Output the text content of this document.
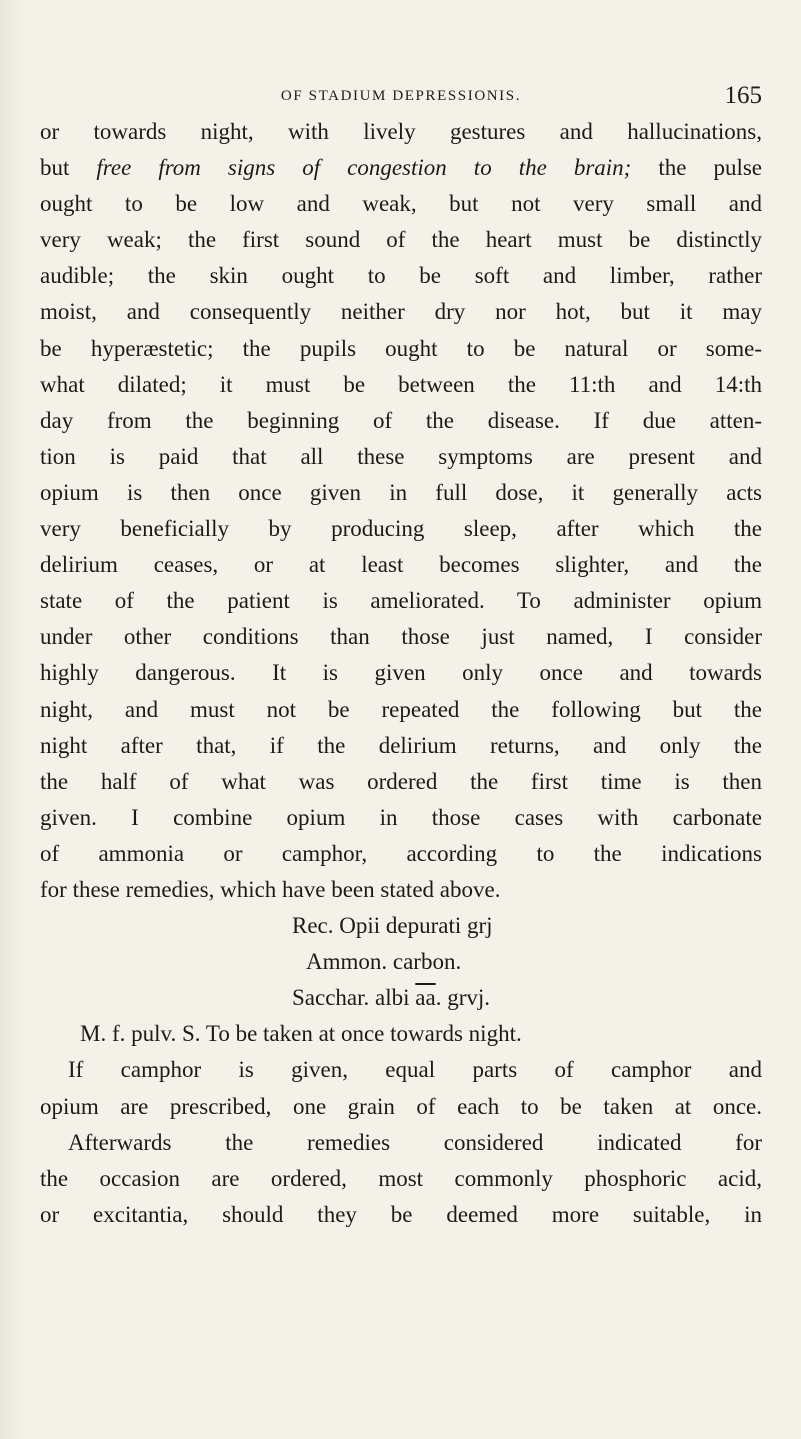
OF STADIUM DEPRESSIONIS.	165
or towards night, with lively gestures and hallucinations,
but free from signs of congestion to the brain; the pulse
ought to be low and weak, but not very small and
very weak; the first sound of the heart must be distinctly
audible; the skin ought to be soft and limber, rather
moist, and consequently neither dry nor hot, but it may
be hyperæstetic; the pupils ought to be natural or some-
what dilated; it must be between the 11:th and 14:th
day from the beginning of the disease. If due atten-
tion is paid that all these symptoms are present and
opium is then once given in full dose, it generally acts
very beneficially by producing sleep, after which the
delirium ceases, or at least becomes slighter, and the
state of the patient is ameliorated. To administer opium
under other conditions than those just named, I consider
highly dangerous. It is given only once and towards
night, and must not be repeated the following but the
night after that, if the delirium returns, and only the
the half of what was ordered the first time is then
given. I combine opium in those cases with carbonate
of ammonia or camphor, according to the indications
for these remedies, which have been stated above.
Rec. Opii depurati grj
Ammon. carbon.
Sacchar. albi $\overline{aa}$. grvj.
M. f. pulv. S. To be taken at once towards night.
If camphor is given, equal parts of camphor and
opium are prescribed, one grain of each to be taken at once.
Afterwards the remedies considered indicated for
the occasion are ordered, most commonly phosphoric acid,
or excitantia, should they be deemed more suitable, in
